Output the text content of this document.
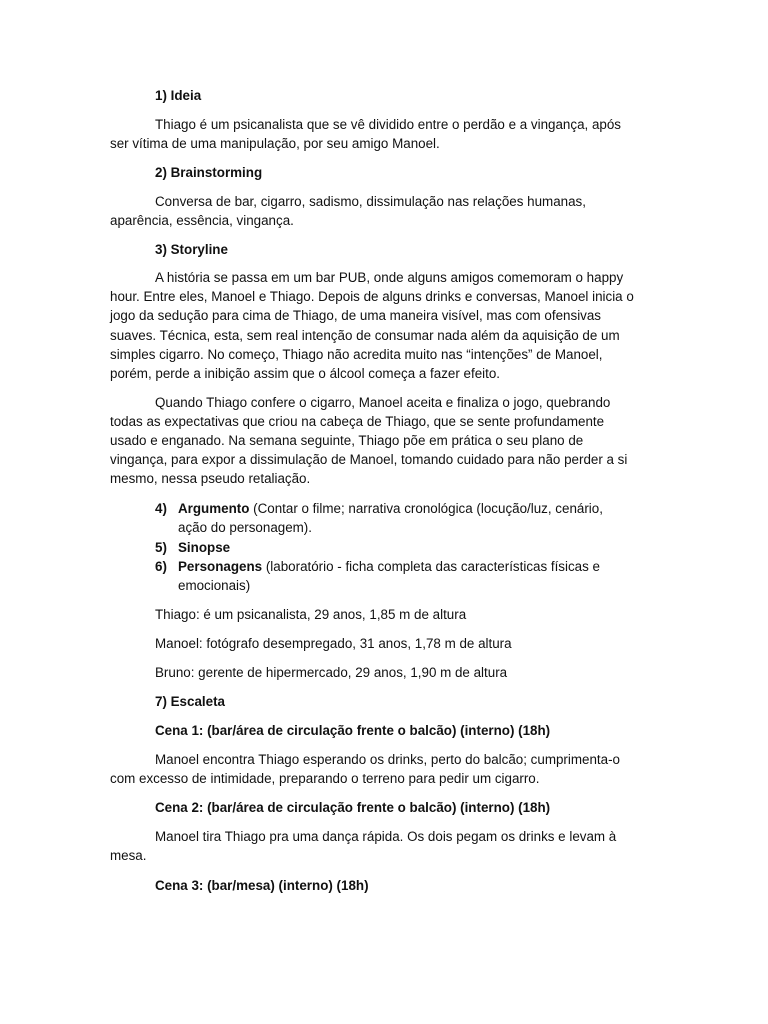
1) Ideia
Thiago é um psicanalista que se vê dividido entre o perdão e a vingança, após
ser vítima de uma manipulação, por seu amigo Manoel.
2) Brainstorming
Conversa de bar, cigarro, sadismo, dissimulação nas relações humanas,
aparência, essência, vingança.
3) Storyline
A história se passa em um bar PUB, onde alguns amigos comemoram o happy
hour. Entre eles, Manoel e Thiago. Depois de alguns drinks e conversas, Manoel inicia o
jogo da sedução para cima de Thiago, de uma maneira visível, mas com ofensivas
suaves. Técnica, esta, sem real intenção de consumar nada além da aquisição de um
simples cigarro. No começo, Thiago não acredita muito nas “intenções” de Manoel,
porém, perde a inibição assim que o álcool começa a fazer efeito.
Quando Thiago confere o cigarro, Manoel aceita e finaliza o jogo, quebrando
todas as expectativas que criou na cabeça de Thiago, que se sente profundamente
usado e enganado. Na semana seguinte, Thiago põe em prática o seu plano de
vingança, para expor a dissimulação de Manoel, tomando cuidado para não perder a si
mesmo, nessa pseudo retaliação.
4) Argumento (Contar o filme; narrativa cronológica (locução/luz, cenário,
ação do personagem).
5) Sinopse
6) Personagens (laboratório - ficha completa das características físicas e
emocionais)
Thiago: é um psicanalista, 29 anos, 1,85 m de altura
Manoel: fotógrafo desempregado, 31 anos, 1,78 m de altura
Bruno: gerente de hipermercado, 29 anos, 1,90 m de altura
7) Escaleta
Cena 1: (bar/área de circulação frente o balcão) (interno) (18h)
Manoel encontra Thiago esperando os drinks, perto do balcão; cumprimenta-o
com excesso de intimidade, preparando o terreno para pedir um cigarro.
Cena 2: (bar/área de circulação frente o balcão) (interno) (18h)
Manoel tira Thiago pra uma dança rápida. Os dois pegam os drinks e levam à
mesa.
Cena 3: (bar/mesa) (interno) (18h)
